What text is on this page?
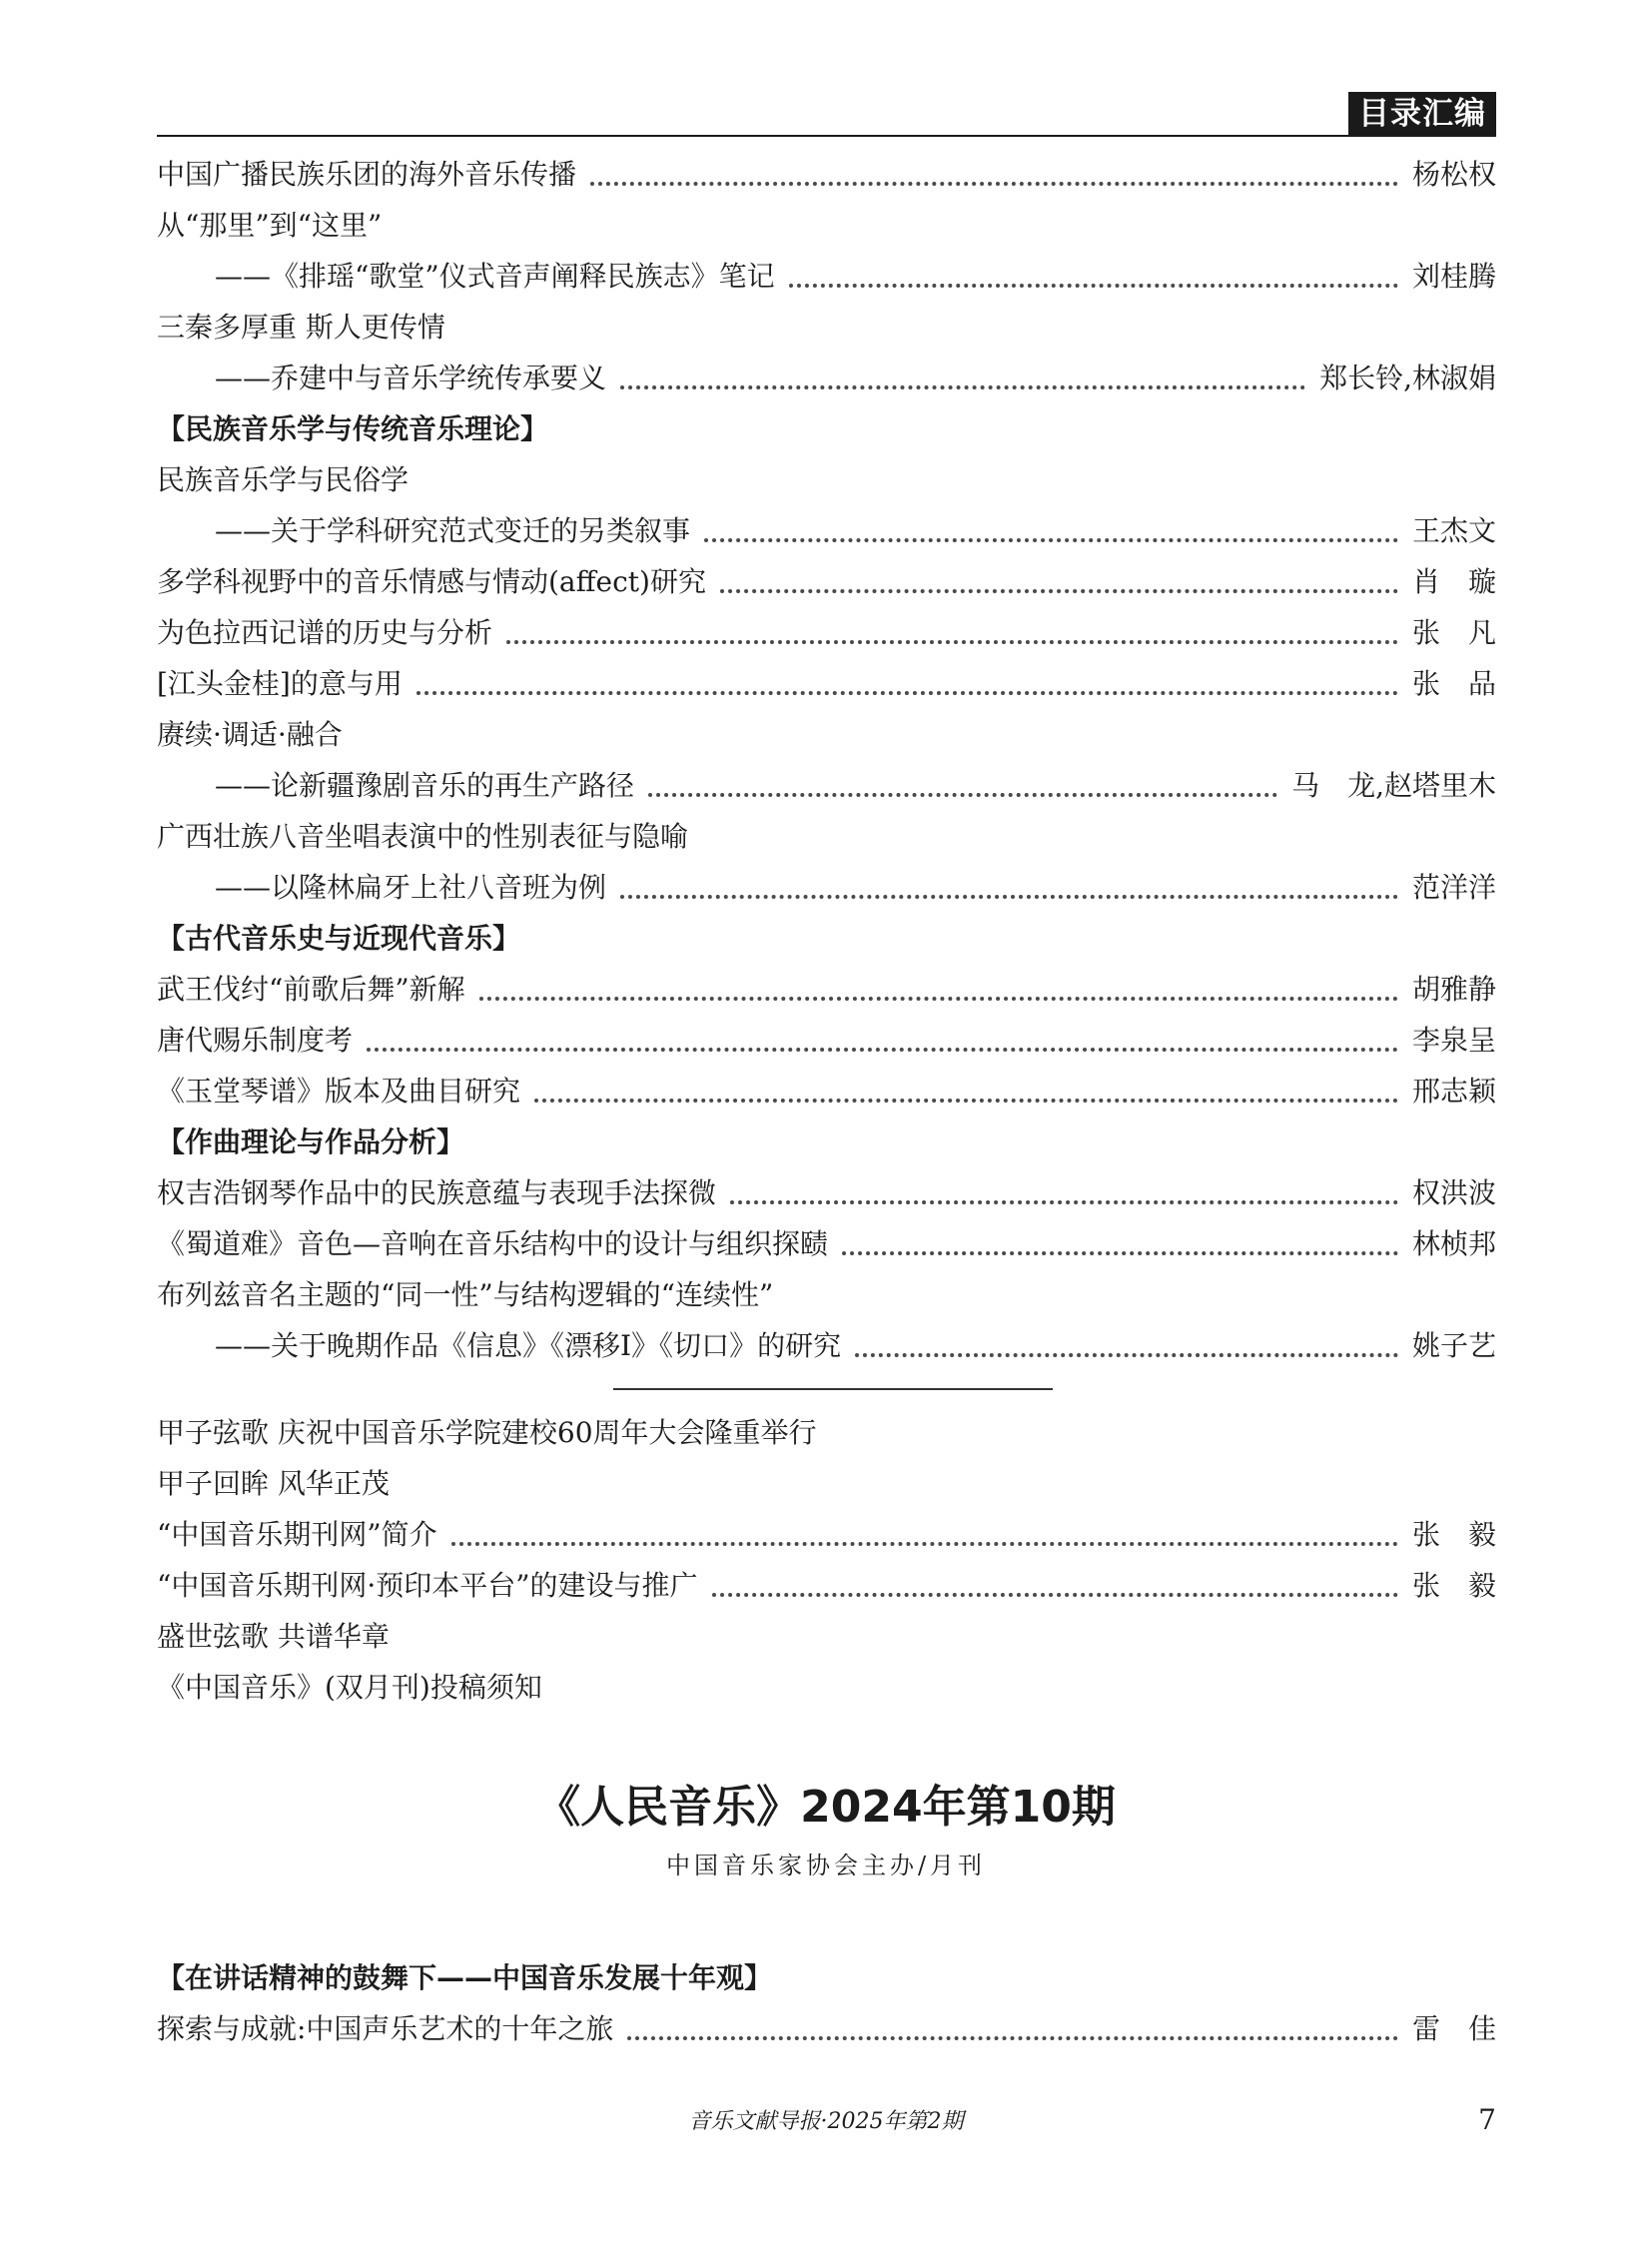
目录汇编
中国广播民族乐团的海外音乐传播	杨松权
从“那里”到“这里”
——《排瑶“歌堂”仪式音声阐释民族志》笔记	刘桂腾
三秦多厚重 斯人更传情
——乔建中与音乐学统传承要义	郑长铃,林淑娟
【民族音乐学与传统音乐理论】
民族音乐学与民俗学
——关于学科研究范式变迁的另类叙事	王杰文
多学科视野中的音乐情感与情动(affect)研究	肖　璇
为色拉西记谱的历史与分析	张　凡
[江头金桂]的意与用	张　品
赓续·调适·融合
——论新疆豫剧音乐的再生产路径	马　龙,赵塔里木
广西壮族八音坐唱表演中的性别表征与隐喻
——以隆林扁牙上社八音班为例	范洋洋
【古代音乐史与近现代音乐】
武王伐纣“前歌后舞”新解	胡雅静
唐代赐乐制度考	李泉呈
《玉堂琴谱》版本及曲目研究	邢志颖
【作曲理论与作品分析】
权吉浩钢琴作品中的民族意蕴与表现手法探微	权洪波
《蜀道难》音色—音响在音乐结构中的设计与组织探赜	林桢邦
布列兹音名主题的“同一性”与结构逻辑的“连续性”
——关于晚期作品《信息》《漂移Ⅰ》《切口》的研究	姚子艺
甲子弦歌 庆祝中国音乐学院建校60周年大会隆重举行
甲子回眸 风华正茂
“中国音乐期刊网”简介	张　毅
“中国音乐期刊网·预印本平台”的建设与推广	张　毅
盛世弦歌 共谱华章
《中国音乐》(双月刊)投稿须知
《人民音乐》2024年第10期
中国音乐家协会主办/月刊
【在讲话精神的鼓舞下——中国音乐发展十年观】
探索与成就:中国声乐艺术的十年之旅	雷　佳
音乐文献导报·2025年第2期	7
